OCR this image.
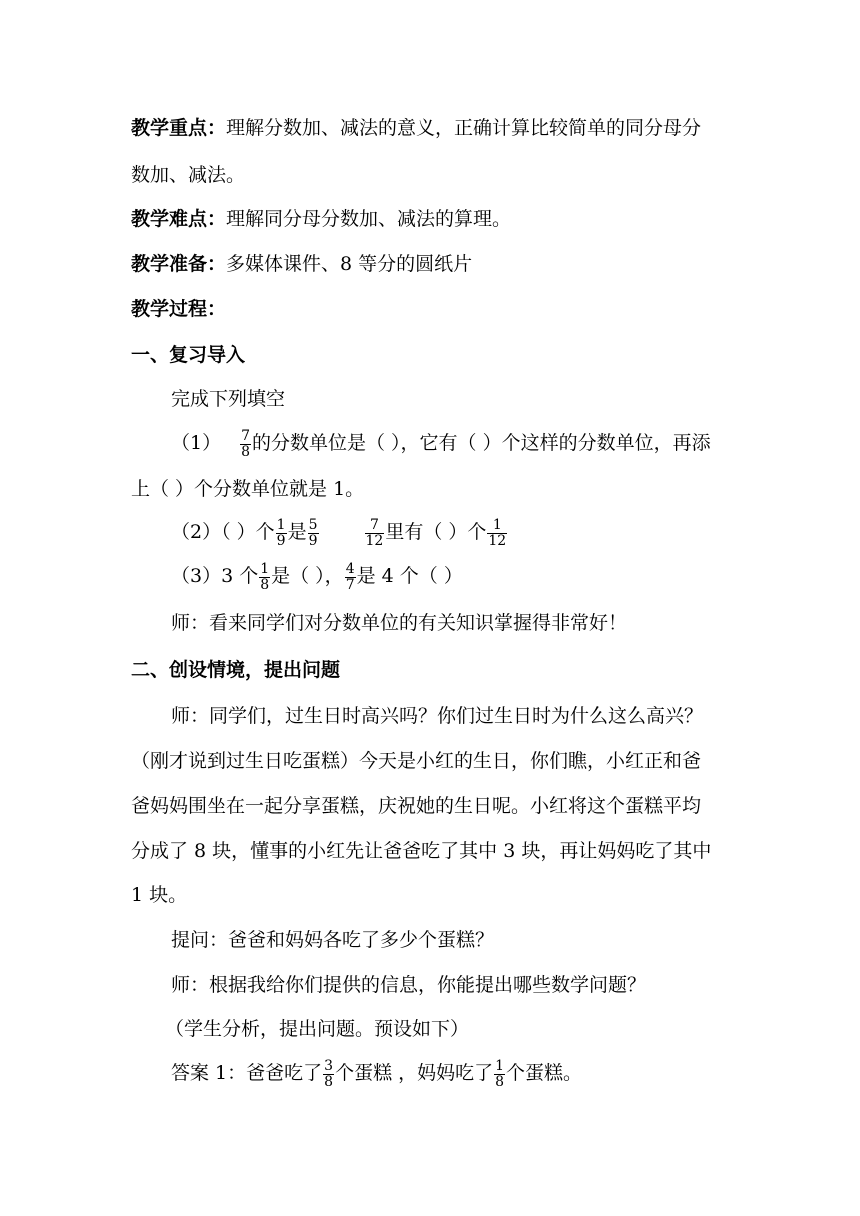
教学重点：理解分数加、减法的意义，正确计算比较简单的同分母分
数加、减法。
教学难点：理解同分母分数加、减法的算理。
教学准备：多媒体课件、8 等分的圆纸片
教学过程：
一、复习导入
完成下列填空
$(1) \frac{7}{8}$ 的分数单位是（ ），它有（ ）个这样的分数单位，再添
上（ ）个分数单位就是 1。
（2）（ ）个 $\frac{1}{9}$ 是 $\frac{5}{9}$	$\frac{7}{12}$ 里有（ ）个 $\frac{1}{12}$
（3）3 个 $\frac{1}{8}$ 是（ ）， $\frac{4}{7}$ 是 4 个（ ）
师：看来同学们对分数单位的有关知识掌握得非常好！
二、创设情境，提出问题
师：同学们，过生日时高兴吗？你们过生日时为什么这么高兴？
（刚才说到过生日吃蛋糕）今天是小红的生日，你们瞧，小红正和爸
爸妈妈围坐在一起分享蛋糕，庆祝她的生日呢。小红将这个蛋糕平均
分成了 8 块，懂事的小红先让爸爸吃了其中 3 块，再让妈妈吃了其中
1 块。
提问：爸爸和妈妈各吃了多少个蛋糕？
师：根据我给你们提供的信息，你能提出哪些数学问题？
（学生分析，提出问题。预设如下）
答案 1：爸爸吃了 $\frac{3}{8}$ 个蛋糕 ，妈妈吃了 $\frac{1}{8}$ 个蛋糕。
